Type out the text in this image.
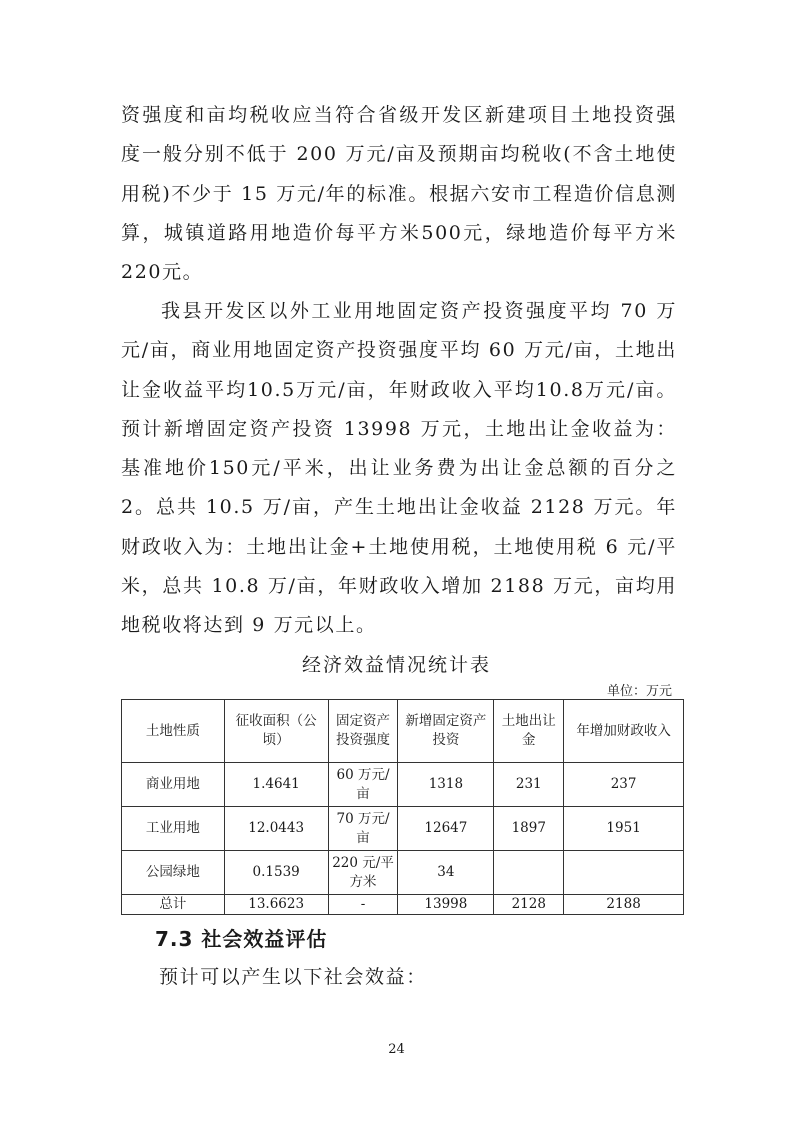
资强度和亩均税收应当符合省级开发区新建项目土地投资强度一般分别不低于 200 万元/亩及预期亩均税收(不含土地使用税)不少于 15 万元/年的标准。根据六安市工程造价信息测算，城镇道路用地造价每平方米500元，绿地造价每平方米220元。

我县开发区以外工业用地固定资产投资强度平均 70 万元/亩，商业用地固定资产投资强度平均 60 万元/亩，土地出让金收益平均10.5万元/亩，年财政收入平均10.8万元/亩。预计新增固定资产投资 13998 万元，土地出让金收益为：基准地价150元/平米，出让业务费为出让金总额的百分之2。总共 10.5 万/亩，产生土地出让金收益 2128 万元。年财政收入为：土地出让金+土地使用税，土地使用税 6 元/平米，总共 10.8 万/亩，年财政收入增加 2188 万元，亩均用地税收将达到 9 万元以上。

经济效益情况统计表
单位：万元
土地性质	征收面积（公顷）	固定资产投资强度	新增固定资产投资	土地出让金	年增加财政收入
商业用地	1.4641	60 万元/亩	1318	231	237
工业用地	12.0443	70 万元/亩	12647	1897	1951
公园绿地	0.1539	220 元/平方米	34		
总计	13.6623	-	13998	2128	2188
7.3 社会效益评估
预计可以产生以下社会效益：
24
